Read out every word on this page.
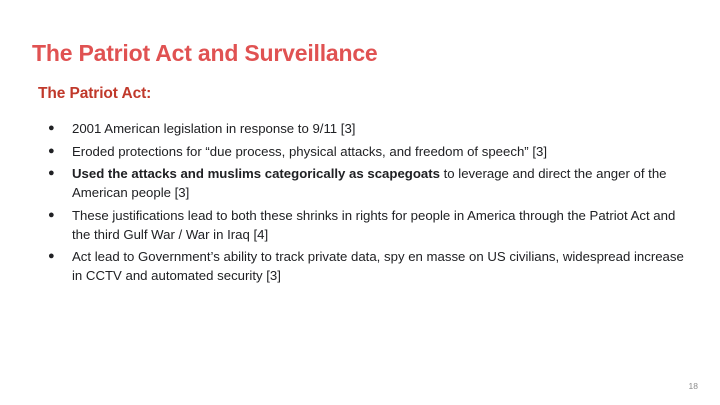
The Patriot Act and Surveillance
The Patriot Act:
● 2001 American legislation in response to 9/11 [3]
● Eroded protections for “due process, physical attacks, and freedom of speech” [3]
● Used the attacks and muslims categorically as scapegoats to leverage and direct the anger of the American people [3]
● These justifications lead to both these shrinks in rights for people in America through the Patriot Act and the third Gulf War / War in Iraq [4]
● Act lead to Government’s ability to track private data, spy en masse on US civilians, widespread increase in CCTV and automated security [3]
18
